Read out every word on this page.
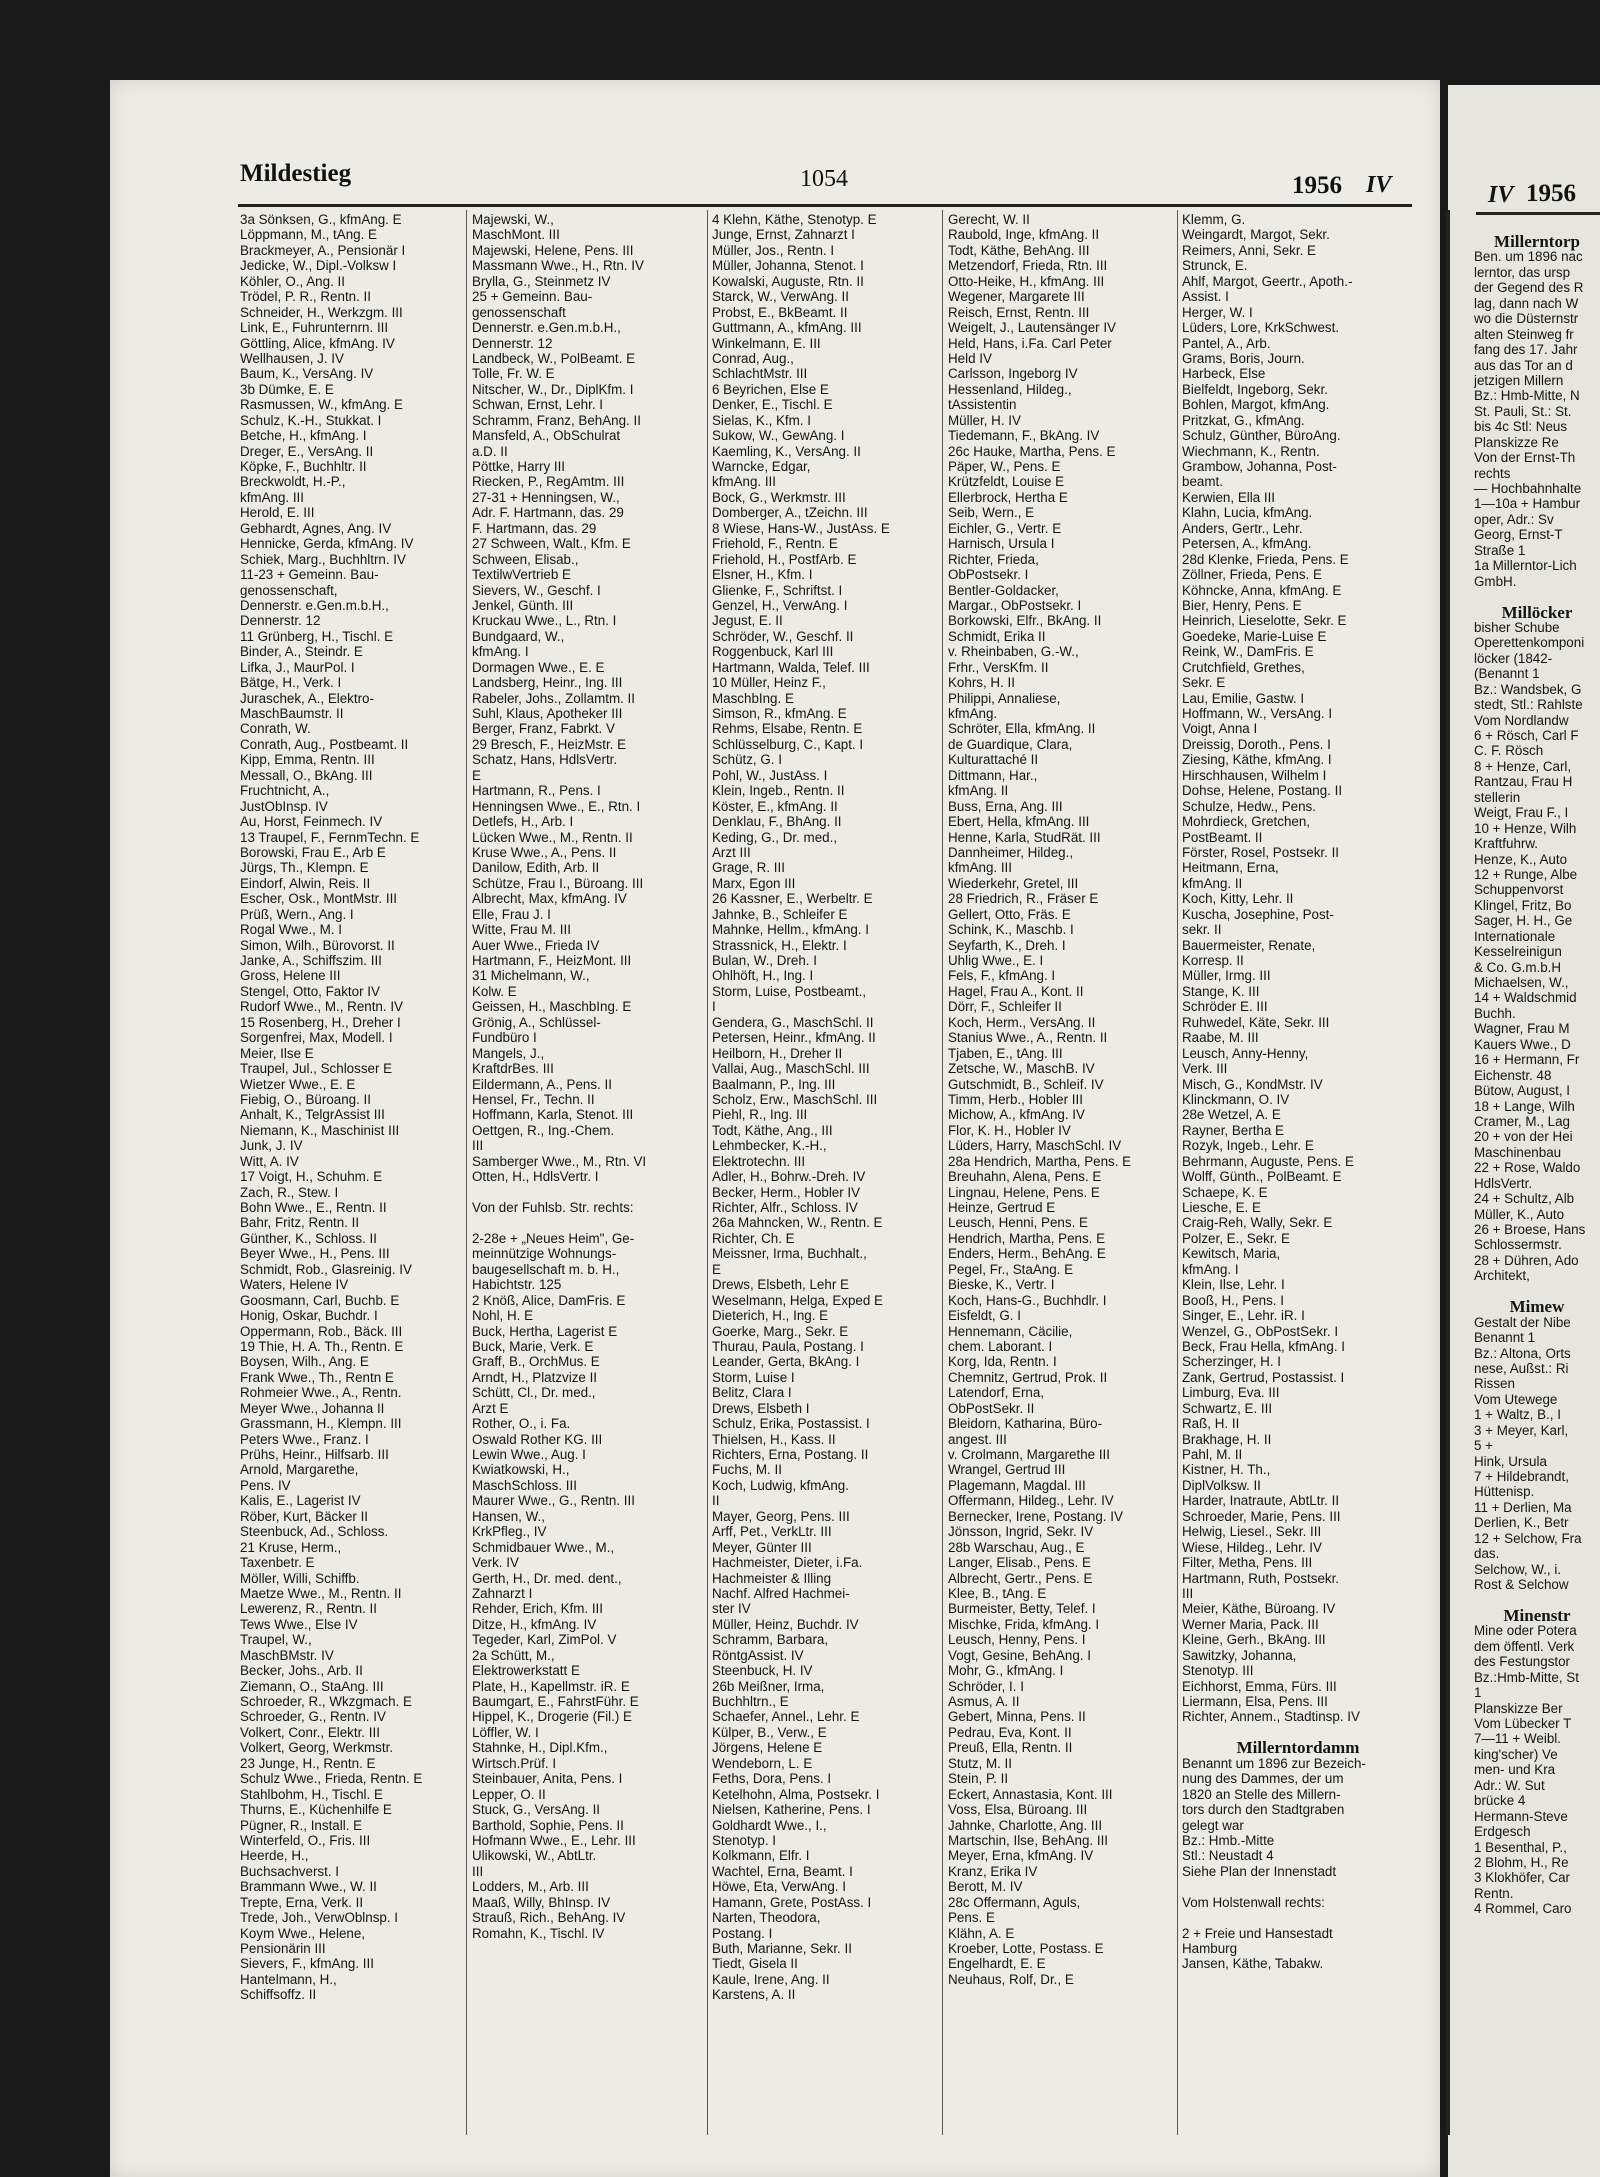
Mildestieg	1054	1956 IV	IV 1956
3a Sönksen, G., kfmAng. E
Löppmann, M., tAng. E
Brackmeyer, A., Pensionär I
Jedicke, W., Dipl.-Volksw I
Köhler, O., Ang. II
Trödel, P. R., Rentn. II
Schneider, H., Werkzgm. III
Link, E., Fuhrunternrn. III
Göttling, Alice, kfmAng. IV
Wellhausen, J. IV
Baum, K., VersAng. IV
3b Dümke, E. E
Rasmussen, W., kfmAng. E
Schulz, K.-H., Stukkat. I
Betche, H., kfmAng. I
Dreger, E., VersAng. II
Köpke, F., Buchhltr. II
Breckwoldt, H.-P.,
kfmAng. III
Herold, E. III
Gebhardt, Agnes, Ang. IV
Hennicke, Gerda, kfmAng. IV
Schiek, Marg., Buchhltrn. IV
11-23 + Gemeinn. Bau-
genossenschaft,
Dennerstr. e.Gen.m.b.H.,
Dennerstr. 12
11 Grünberg, H., Tischl. E
Binder, A., Steindr. E
Lifka, J., MaurPol. I
Bätge, H., Verk. I
Juraschek, A., Elektro-
MaschBaumstr. II
Conrath, W.
Conrath, Aug., Postbeamt. II
Kipp, Emma, Rentn. III
Messall, O., BkAng. III
Fruchtnicht, A.,
JustObInsp. IV
Au, Horst, Feinmech. IV
13 Traupel, F., FernmTechn. E
Borowski, Frau E., Arb E
Jürgs, Th., Klempn. E
Eindorf, Alwin, Reis. II
Escher, Osk., MontMstr. III
Prüß, Wern., Ang. I
Rogal Wwe., M. I
Simon, Wilh., Bürovorst. II
Janke, A., Schiffszim. III
Gross, Helene III
Stengel, Otto, Faktor IV
Rudorf Wwe., M., Rentn. IV
15 Rosenberg, H., Dreher I
Sorgenfrei, Max, Modell. I
Meier, Ilse E
Traupel, Jul., Schlosser E
Wietzer Wwe., E. E
Fiebig, O., Büroang. II
Anhalt, K., TelgrAssist III
Niemann, K., Maschinist III
Junk, J. IV
Witt, A. IV
17 Voigt, H., Schuhm. E
Zach, R., Stew. I
Bohn Wwe., E., Rentn. II
Bahr, Fritz, Rentn. II
Günther, K., Schloss. II
Beyer Wwe., H., Pens. III
Schmidt, Rob., Glasreinig. IV
Waters, Helene IV
Goosmann, Carl, Buchb. E
Honig, Oskar, Buchdr. I
Oppermann, Rob., Bäck. III
19 Thie, H. A. Th., Rentn. E
Boysen, Wilh., Ang. E
Frank Wwe., Th., Rentn E
Rohmeier Wwe., A., Rentn.
Meyer Wwe., Johanna II
Grassmann, H., Klempn. III
Peters Wwe., Franz. I
Prühs, Heinr., Hilfsarb. III
Arnold, Margarethe,
Pens. IV
Kalis, E., Lagerist IV
Röber, Kurt, Bäcker II
Steenbuck, Ad., Schloss.
21 Kruse, Herm.,
Taxenbetr. E
Möller, Willi, Schiffb.
Maetze Wwe., M., Rentn. II
Lewerenz, R., Rentn. II
Tews Wwe., Else IV
Traupel, W.,
MaschBMstr. IV
Becker, Johs., Arb. II
Ziemann, O., StaAng. III
Schroeder, R., Wkzgmach. E
Schroeder, G., Rentn. IV
Volkert, Conr., Elektr. III
Volkert, Georg, Werkmstr.
23 Junge, H., Rentn. E
Schulz Wwe., Frieda, Rentn. E
Stahlbohm, H., Tischl. E
Thurns, E., Küchenhilfe E
Pügner, R., Install. E
Winterfeld, O., Fris. III
Heerde, H.,
Buchsachverst. I
Brammann Wwe., W. II
Trepte, Erna, Verk. II
Trede, Joh., VerwOblnsp. I
Koym Wwe., Helene,
Pensionärin III
Sievers, F., kfmAng. III
Hantelmann, H.,
Schiffsoffz. II
Majewski, W.,
MaschMont. III
Majewski, Helene, Pens. III
Massmann Wwe., H., Rtn. IV
Brylla, G., Steinmetz IV
25 + Gemeinn. Bau-
genossenschaft
Dennerstr. e.Gen.m.b.H.,
Dennerstr. 12
Landbeck, W., PolBeamt. E
Tolle, Fr. W. E
Nitscher, W., Dr., DiplKfm. I
Schwan, Ernst, Lehr. I
Schramm, Franz, BehAng. II
Mansfeld, A., ObSchulrat
a.D. II
Pöttke, Harry III
Riecken, P., RegAmtm. III
27-31 + Henningsen, W.,
Adr. F. Hartmann, das. 29
F. Hartmann, das. 29
27 Schween, Walt., Kfm. E
Schween, Elisab.,
TextilwVertrieb E
Sievers, W., Geschf. I
Jenkel, Günth. III
Kruckau Wwe., L., Rtn. I
Bundgaard, W.,
kfmAng. I
Dormagen Wwe., E. E
Landsberg, Heinr., Ing. III
Rabeler, Johs., Zollamtm. II
Suhl, Klaus, Apotheker III
Berger, Franz, Fabrkt. V
29 Bresch, F., HeizMstr. E
Schatz, Hans, HdlsVertr.
E
Hartmann, R., Pens. I
Henningsen Wwe., E., Rtn. I
Detlefs, H., Arb. I
Lücken Wwe., M., Rentn. II
Kruse Wwe., A., Pens. II
Danilow, Edith, Arb. II
Schütze, Frau I., Büroang. III
Albrecht, Max, kfmAng. IV
Elle, Frau J. I
Witte, Frau M. III
Auer Wwe., Frieda IV
Hartmann, F., HeizMont. III
31 Michelmann, W.,
Kolw. E
Geissen, H., MaschbIng. E
Grönig, A., Schlüssel-
Fundbüro I
Mangels, J.,
KraftdrBes. III
Eildermann, A., Pens. II
Hensel, Fr., Techn. II
Hoffmann, Karla, Stenot. III
Oettgen, R., Ing.-Chem.
III
Samberger Wwe., M., Rtn. VI
Otten, H., HdlsVertr. I
Von der Fuhlsb. Str. rechts:
2-28e + „Neues Heim", Ge-
meinnützige Wohnungs-
baugesellschaft m. b. H.,
Habichtstr. 125
2 Knöß, Alice, DamFris. E
Nohl, H. E
Buck, Hertha, Lagerist E
Buck, Marie, Verk. E
Graff, B., OrchMus. E
Arndt, H., Platzvize II
Schütt, Cl., Dr. med.,
Arzt E
Rother, O., i. Fa.
Oswald Rother KG. III
Lewin Wwe., Aug. I
Kwiatkowski, H.,
MaschSchloss. III
Maurer Wwe., G., Rentn. III
Hansen, W.,
KrkPfleg., IV
Schmidbauer Wwe., M.,
Verk. IV
Gerth, H., Dr. med. dent.,
Zahnarzt I
Rehder, Erich, Kfm. III
Ditze, H., kfmAng. IV
Tegeder, Karl, ZimPol. V
2a Schütt, M.,
Elektrowerkstatt E
Plate, H., Kapellmstr. iR. E
Baumgart, E., FahrstFühr. E
Hippel, K., Drogerie (Fil.) E
Löffler, W. I
Stahnke, H., Dipl.Kfm.,
Wirtsch.Prüf. I
Steinbauer, Anita, Pens. I
Lepper, O. II
Stuck, G., VersAng. II
Barthold, Sophie, Pens. II
Hofmann Wwe., E., Lehr. III
Ulikowski, W., AbtLtr.
III
Lodders, M., Arb. III
Maaß, Willy, BhInsp. IV
Strauß, Rich., BehAng. IV
Romahn, K., Tischl. IV
4 Klehn, Käthe, Stenotyp. E
Junge, Ernst, Zahnarzt I
Müller, Jos., Rentn. I
Müller, Johanna, Stenot. I
Kowalski, Auguste, Rtn. II
Starck, W., VerwAng. II
Probst, E., BkBeamt. II
Guttmann, A., kfmAng. III
Winkelmann, E. III
Conrad, Aug.,
SchlachtMstr. III
6 Beyrichen, Else E
Denker, E., Tischl. E
Sielas, K., Kfm. I
Sukow, W., GewAng. I
Kaemling, K., VersAng. II
Warncke, Edgar,
kfmAng. III
Bock, G., Werkmstr. III
Domberger, A., tZeichn. III
8 Wiese, Hans-W., JustAss. E
Friehold, F., Rentn. E
Friehold, H., PostfArb. E
Elsner, H., Kfm. I
Glienke, F., Schriftst. I
Genzel, H., VerwAng. I
Jegust, E. II
Schröder, W., Geschf. II
Roggenbuck, Karl III
Hartmann, Walda, Telef. III
10 Müller, Heinz F.,
MaschbIng. E
Simson, R., kfmAng. E
Rehms, Elsabe, Rentn. E
Schlüsselburg, C., Kapt. I
Schütz, G. I
Pohl, W., JustAss. I
Klein, Ingeb., Rentn. II
Köster, E., kfmAng. II
Denklau, F., BhAng. II
Keding, G., Dr. med.,
Arzt III
Grage, R. III
Marx, Egon III
26 Kassner, E., Werbeltr. E
Jahnke, B., Schleifer E
Mahnke, Hellm., kfmAng. I
Strassnick, H., Elektr. I
Bulan, W., Dreh. I
Ohlhöft, H., Ing. I
Storm, Luise, Postbeamt.,
I
Gendera, G., MaschSchl. II
Petersen, Heinr., kfmAng. II
Heilborn, H., Dreher II
Vallai, Aug., MaschSchl. III
Baalmann, P., Ing. III
Scholz, Erw., MaschSchl. III
Piehl, R., Ing. III
Todt, Käthe, Ang., III
Lehmbecker, K.-H.,
Elektrotechn. III
Adler, H., Bohrw.-Dreh. IV
Becker, Herm., Hobler IV
Richter, Alfr., Schloss. IV
26a Mahncken, W., Rentn. E
Richter, Ch. E
Meissner, Irma, Buchhalt.,
E
Drews, Elsbeth, Lehr E
Weselmann, Helga, Exped E
Dieterich, H., Ing. E
Goerke, Marg., Sekr. E
Thurau, Paula, Postang. I
Leander, Gerta, BkAng. I
Storm, Luise I
Belitz, Clara I
Drews, Elsbeth I
Schulz, Erika, Postassist. I
Thielsen, H., Kass. II
Richters, Erna, Postang. II
Fuchs, M. II
Koch, Ludwig, kfmAng.
II
Mayer, Georg, Pens. III
Arff, Pet., VerkLtr. III
Meyer, Günter III
Hachmeister, Dieter, i.Fa.
Hachmeister & Illing
Nachf. Alfred Hachmei-
ster IV
Müller, Heinz, Buchdr. IV
Schramm, Barbara,
RöntgAssist. IV
Steenbuck, H. IV
26b Meißner, Irma,
Buchhltrn., E
Schaefer, Annel., Lehr. E
Külper, B., Verw., E
Jörgens, Helene E
Wendeborn, L. E
Feths, Dora, Pens. I
Ketelhohn, Alma, Postsekr. I
Nielsen, Katherine, Pens. I
Goldhardt Wwe., I.,
Stenotyp. I
Kolkmann, Elfr. I
Wachtel, Erna, Beamt. I
Höwe, Eta, VerwAng. I
Hamann, Grete, PostAss. I
Narten, Theodora,
Postang. I
Buth, Marianne, Sekr. II
Tiedt, Gisela II
Kaule, Irene, Ang. II
Karstens, A. II
Gerecht, W. II
Raubold, Inge, kfmAng. II
Todt, Käthe, BehAng. III
Metzendorf, Frieda, Rtn. III
Otto-Heike, H., kfmAng. III
Wegener, Margarete III
Reisch, Ernst, Rentn. III
Weigelt, J., Lautensänger IV
Held, Hans, i.Fa. Carl Peter
Held IV
Carlsson, Ingeborg IV
Hessenland, Hildeg.,
tAssistentin
Müller, H. IV
Tiedemann, F., BkAng. IV
26c Hauke, Martha, Pens. E
Päper, W., Pens. E
Krützfeldt, Louise E
Ellerbrock, Hertha E
Seib, Wern., E
Eichler, G., Vertr. E
Harnisch, Ursula I
Richter, Frieda,
ObPostsekr. I
Bentler-Goldacker,
Margar., ObPostsekr. I
Borkowski, Elfr., BkAng. II
Schmidt, Erika II
v. Rheinbaben, G.-W.,
Frhr., VersKfm. II
Kohrs, H. II
Philippi, Annaliese,
kfmAng.
Schröter, Ella, kfmAng. II
de Guardique, Clara,
Kulturattaché II
Dittmann, Har.,
kfmAng. II
Buss, Erna, Ang. III
Ebert, Hella, kfmAng. III
Henne, Karla, StudRät. III
Dannheimer, Hildeg.,
kfmAng. III
Wiederkehr, Gretel, III
28 Friedrich, R., Fräser E
Gellert, Otto, Fräs. E
Schink, K., Maschb. I
Seyfarth, K., Dreh. I
Uhlig Wwe., E. I
Fels, F., kfmAng. I
Hagel, Frau A., Kont. II
Dörr, F., Schleifer II
Koch, Herm., VersAng. II
Stanius Wwe., A., Rentn. II
Tjaben, E., tAng. III
Zetsche, W., MaschB. IV
Gutschmidt, B., Schleif. IV
Timm, Herb., Hobler III
Michow, A., kfmAng. IV
Flor, K. H., Hobler IV
Lüders, Harry, MaschSchl. IV
28a Hendrich, Martha, Pens. E
Breuhahn, Alena, Pens. E
Lingnau, Helene, Pens. E
Heinze, Gertrud E
Leusch, Henni, Pens. E
Hendrich, Martha, Pens. E
Enders, Herm., BehAng. E
Pegel, Fr., StaAng. E
Bieske, K., Vertr. I
Koch, Hans-G., Buchhdlr. I
Eisfeldt, G. I
Hennemann, Cäcilie,
chem. Laborant. I
Korg, Ida, Rentn. I
Chemnitz, Gertrud, Prok. II
Latendorf, Erna,
ObPostSekr. II
Bleidorn, Katharina, Büro-
angest. III
v. Crolmann, Margarethe III
Wrangel, Gertrud III
Plagemann, Magdal. III
Offermann, Hildeg., Lehr. IV
Bernecker, Irene, Postang. IV
Jönsson, Ingrid, Sekr. IV
28b Warschau, Aug., E
Langer, Elisab., Pens. E
Albrecht, Gertr., Pens. E
Klee, B., tAng. E
Burmeister, Betty, Telef. I
Mischke, Frida, kfmAng. I
Leusch, Henny, Pens. I
Vogt, Gesine, BehAng. I
Mohr, G., kfmAng. I
Schröder, I. I
Asmus, A. II
Gebert, Minna, Pens. II
Pedrau, Eva, Kont. II
Preuß, Ella, Rentn. II
Stutz, M. II
Stein, P. II
Eckert, Annastasia, Kont. III
Voss, Elsa, Büroang. III
Jahnke, Charlotte, Ang. III
Martschin, Ilse, BehAng. III
Meyer, Erna, kfmAng. IV
Kranz, Erika IV
Berott, M. IV
28c Offermann, Aguls,
Pens. E
Klähn, A. E
Kroeber, Lotte, Postass. E
Engelhardt, E. E
Neuhaus, Rolf, Dr., E
Klemm, G.
Weingardt, Margot, Sekr.
Reimers, Anni, Sekr. E
Strunck, E.
Ahlf, Margot, Geertr., Apoth.-
Assist. I
Herger, W. I
Lüders, Lore, KrkSchwest.
Pantel, A., Arb.
Grams, Boris, Journ.
Harbeck, Else
Bielfeldt, Ingeborg, Sekr.
Bohlen, Margot, kfmAng.
Pritzkat, G., kfmAng.
Schulz, Günther, BüroAng.
Wiechmann, K., Rentn.
Grambow, Johanna, Post-
beamt.
Kerwien, Ella III
Klahn, Lucia, kfmAng.
Anders, Gertr., Lehr.
Petersen, A., kfmAng.
28d Klenke, Frieda, Pens. E
Zöllner, Frieda, Pens. E
Köhncke, Anna, kfmAng. E
Bier, Henry, Pens. E
Heinrich, Lieselotte, Sekr. E
Goedeke, Marie-Luise E
Reink, W., DamFris. E
Crutchfield, Grethes,
Sekr. E
Lau, Emilie, Gastw. I
Hoffmann, W., VersAng. I
Voigt, Anna I
Dreissig, Doroth., Pens. I
Ziesing, Käthe, kfmAng. I
Hirschhausen, Wilhelm I
Dohse, Helene, Postang. II
Schulze, Hedw., Pens.
Mohrdieck, Gretchen,
PostBeamt. II
Förster, Rosel, Postsekr. II
Heitmann, Erna,
kfmAng. II
Koch, Kitty, Lehr. II
Kuscha, Josephine, Post-
sekr. II
Bauermeister, Renate,
Korresp. II
Müller, Irmg. III
Stange, K. III
Schröder E. III
Ruhwedel, Käte, Sekr. III
Raabe, M. III
Leusch, Anny-Henny,
Verk. III
Misch, G., KondMstr. IV
Klinckmann, O. IV
28e Wetzel, A. E
Rayner, Bertha E
Rozyk, Ingeb., Lehr. E
Behrmann, Auguste, Pens. E
Wolff, Günth., PolBeamt. E
Schaepe, K. E
Liesche, E. E
Craig-Reh, Wally, Sekr. E
Polzer, E., Sekr. E
Kewitsch, Maria,
kfmAng. I
Klein, Ilse, Lehr. I
Booß, H., Pens. I
Singer, E., Lehr. iR. I
Wenzel, G., ObPostSekr. I
Beck, Frau Hella, kfmAng. I
Scherzinger, H. I
Zank, Gertrud, Postassist. I
Limburg, Eva. III
Schwartz, E. III
Raß, H. II
Brakhage, H. II
Pahl, M. II
Kistner, H. Th.,
DiplVolksw. II
Harder, Inatraute, AbtLtr. II
Schroeder, Marie, Pens. III
Helwig, Liesel., Sekr. III
Wiese, Hildeg., Lehr. IV
Filter, Metha, Pens. III
Hartmann, Ruth, Postsekr.
III
Meier, Käthe, Büroang. IV
Werner Maria, Pack. III
Kleine, Gerh., BkAng. III
Sawitzky, Johanna,
Stenotyp. III
Eichhorst, Emma, Fürs. III
Liermann, Elsa, Pens. III
Richter, Annem., Stadtinsp. IV
Millerntordamm
Benannt um 1896 zur Bezeich-
nung des Dammes, der um
1820 an Stelle des Millern-
tors durch den Stadtgraben
gelegt war
Bz.: Hmb.-Mitte
Stl.: Neustadt 4
Siehe Plan der Innenstadt
Vom Holstenwall rechts:
2 + Freie und Hansestadt
Hamburg
Jansen, Käthe, Tabakw.
Millerntorp
Ben. um 1896 nac
lerntor, das ursp
der Gegend des R
lag, dann nach W
wo die Düsternstr
alten Steinweg fr
fang des 17. Jahr
aus das Tor an d
jetzigen Millern
Bz.: Hmb-Mitte, N
St. Pauli, St.: St.
bis 4c Stl: Neus
Planskizze Re
Von der Ernst-Th
rechts
— Hochbahnhalte
1—10a + Hambur
oper, Adr.: Sv
Georg, Ernst-T
Straße 1
1a Millerntor-Lich
GmbH.
Millöcker
bisher Schube
Operettenkomponi
löcker (1842-
(Benannt 1
Bz.: Wandsbek, G
stedt, Stl.: Rahlste
Vom Nordlandw
6 + Rösch, Carl F
C. F. Rösch
8 + Henze, Carl,
Rantzau, Frau H
stellerin
Weigt, Frau F., I
10 + Henze, Wilh
Kraftfuhrw.
Henze, K., Auto
12 + Runge, Albe
Schuppenvorst
Klingel, Fritz, Bo
Sager, H. H., Ge
Internationale
Kesselreinigun
& Co. G.m.b.H
Michaelsen, W.,
14 + Waldschmid
Buchh.
Wagner, Frau M
Kauers Wwe., D
16 + Hermann, Fr
Eichenstr. 48
Bütow, August, I
18 + Lange, Wilh
Cramer, M., Lag
20 + von der Hei
Maschinenbau
22 + Rose, Waldo
HdlsVertr.
24 + Schultz, Alb
Müller, K., Auto
26 + Broese, Hans
Schlossermstr.
28 + Dühren, Ado
Architekt,
Mimew
Gestalt der Nibe
Benannt 1
Bz.: Altona, Orts
nese, Außst.: Ri
Rissen
Vom Utewege
1 + Waltz, B., I
3 + Meyer, Karl,
5 +
Hink, Ursula
7 + Hildebrandt,
Hüttenisp.
11 + Derlien, Ma
Derlien, K., Betr
12 + Selchow, Fra
das.
Selchow, W., i.
Rost & Selchow
Minenstr
Mine oder Potera
dem öffentl. Verk
des Festungstor
Bz.:Hmb-Mitte, St
1
Planskizze Ber
Vom Lübecker T
7—11 + Weibl.
king'scher) Ve
men- und Kra
Adr.: W. Sut
brücke 4
Hermann-Steve
Erdgesch
1 Besenthal, P.,
2 Blohm, H., Re
3 Klokhöfer, Car
Rentn.
4 Rommel, Caro
